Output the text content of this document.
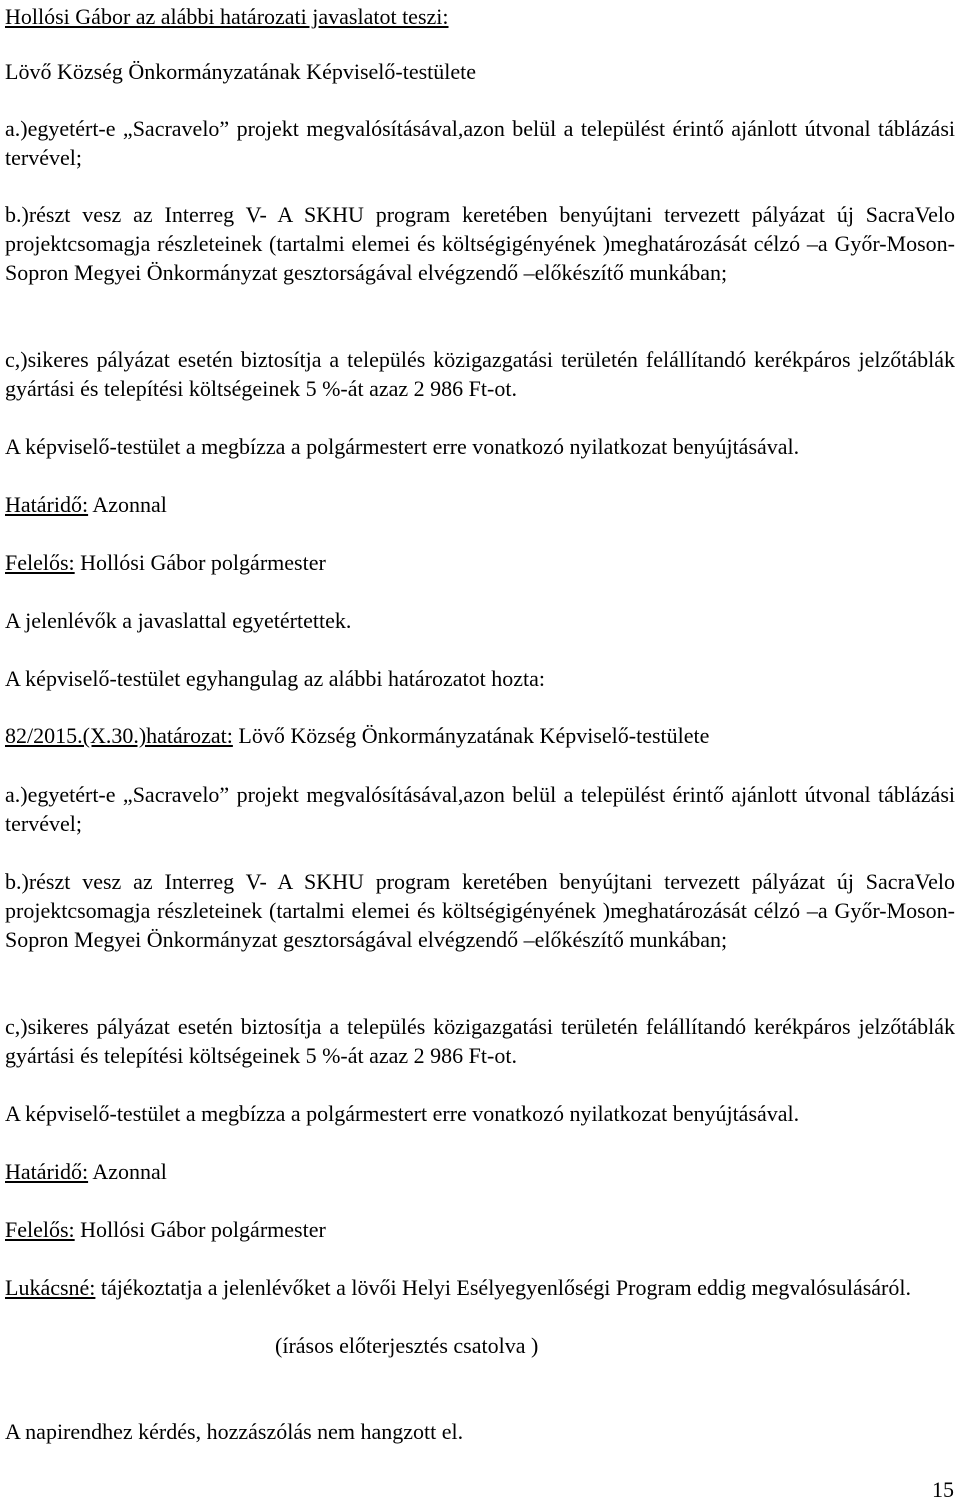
Hollósi Gábor az alábbi határozati javaslatot teszi:

Lövő Község Önkormányzatának Képviselő-testülete

a.)egyetért-e „Sacravelo” projekt megvalósításával,azon belül a települést érintő ajánlott útvonal táblázási tervével;

b.)részt vesz az Interreg V- A SKHU program keretében benyújtani tervezett pályázat új SacraVelo projektcsomagja részleteinek (tartalmi elemei és költségigényének )meghatározását célzó –a Győr-Moson-Sopron Megyei Önkormányzat gesztorságával elvégzendő –előkészítő munkában;

c,)sikeres pályázat esetén biztosítja a település közigazgatási területén felállítandó kerékpáros jelzőtáblák gyártási és telepítési költségeinek 5 %-át azaz 2 986 Ft-ot.

A képviselő-testület a megbízza a polgármestert erre vonatkozó nyilatkozat benyújtásával.

Határidő: Azonnal

Felelős: Hollósi Gábor polgármester

A jelenlévők a javaslattal egyetértettek.

A képviselő-testület egyhangulag az alábbi határozatot hozta:

82/2015.(X.30.)határozat: Lövő Község Önkormányzatának Képviselő-testülete

a.)egyetért-e „Sacravelo” projekt megvalósításával,azon belül a települést érintő ajánlott útvonal táblázási tervével;

b.)részt vesz az Interreg V- A SKHU program keretében benyújtani tervezett pályázat új SacraVelo projektcsomagja részleteinek (tartalmi elemei és költségigényének )meghatározását célzó –a Győr-Moson-Sopron Megyei Önkormányzat gesztorságával elvégzendő –előkészítő munkában;

c,)sikeres pályázat esetén biztosítja a település közigazgatási területén felállítandó kerékpáros jelzőtáblák gyártási és telepítési költségeinek 5 %-át azaz 2 986 Ft-ot.

A képviselő-testület a megbízza a polgármestert erre vonatkozó nyilatkozat benyújtásával.

Határidő: Azonnal

Felelős: Hollósi Gábor polgármester

Lukácsné: tájékoztatja a jelenlévőket a lövői Helyi Esélyegyenlőségi Program eddig megvalósulásáról.

(írásos előterjesztés csatolva )

A napirendhez kérdés, hozzászólás nem hangzott el.

15
